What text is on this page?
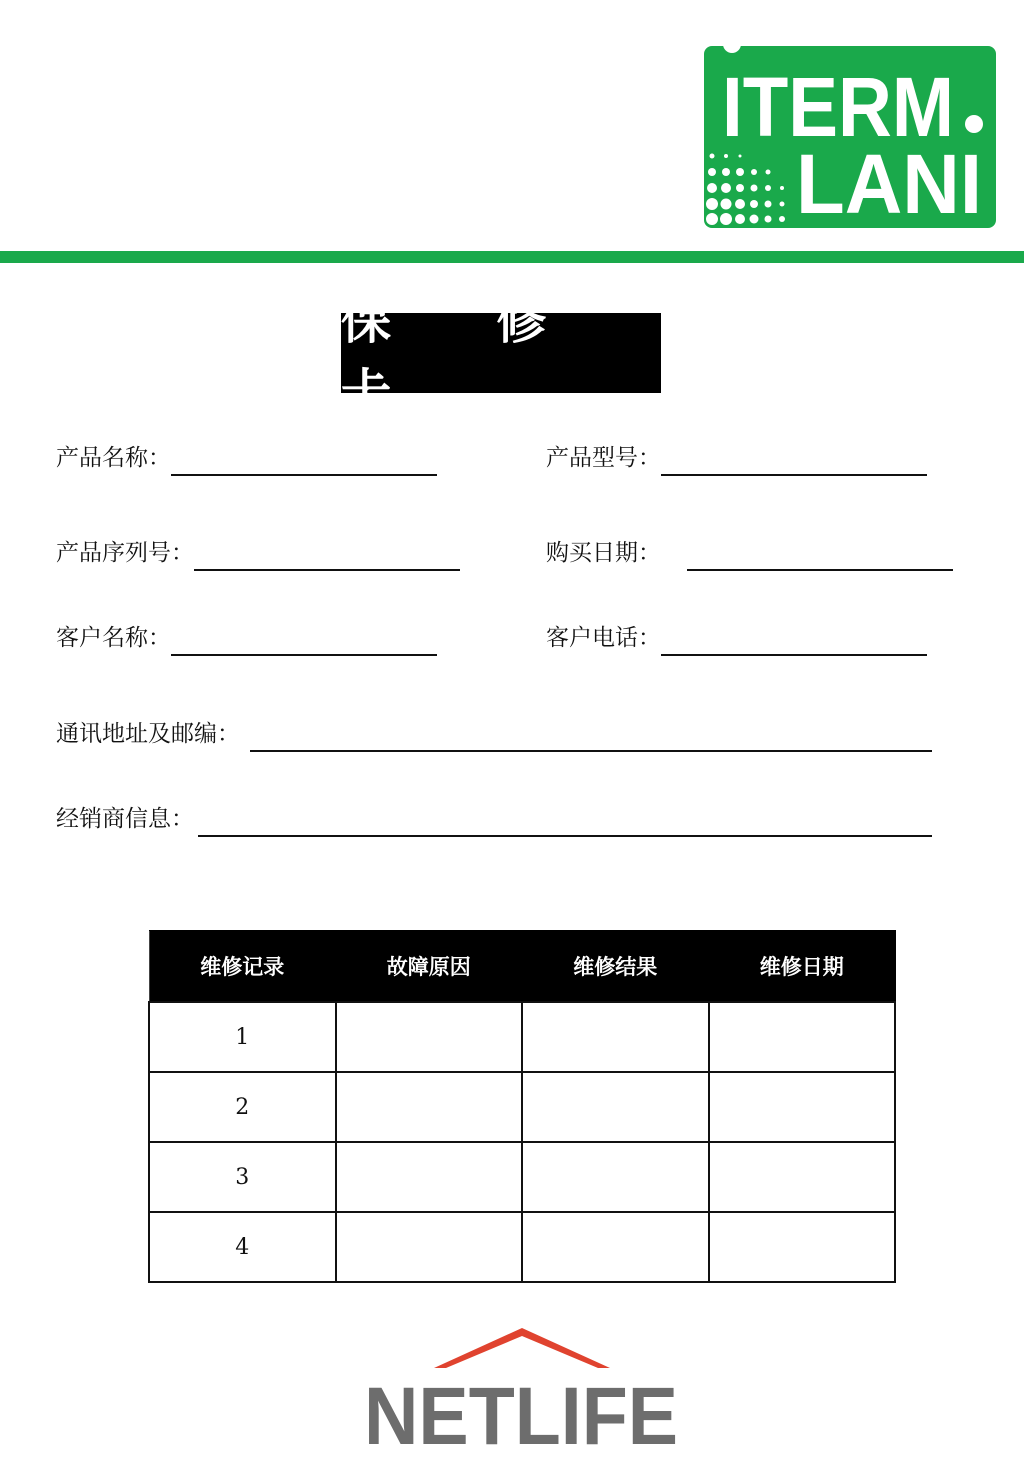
ITERM
LANI
保 修 卡
产品名称：	产品型号：
产品序列号：	购买日期：
客户名称：	客户电话：
通讯地址及邮编：
经销商信息：
维修记录	故障原因	维修结果	维修日期
1			
2			
3			
4			
NETLIFE
